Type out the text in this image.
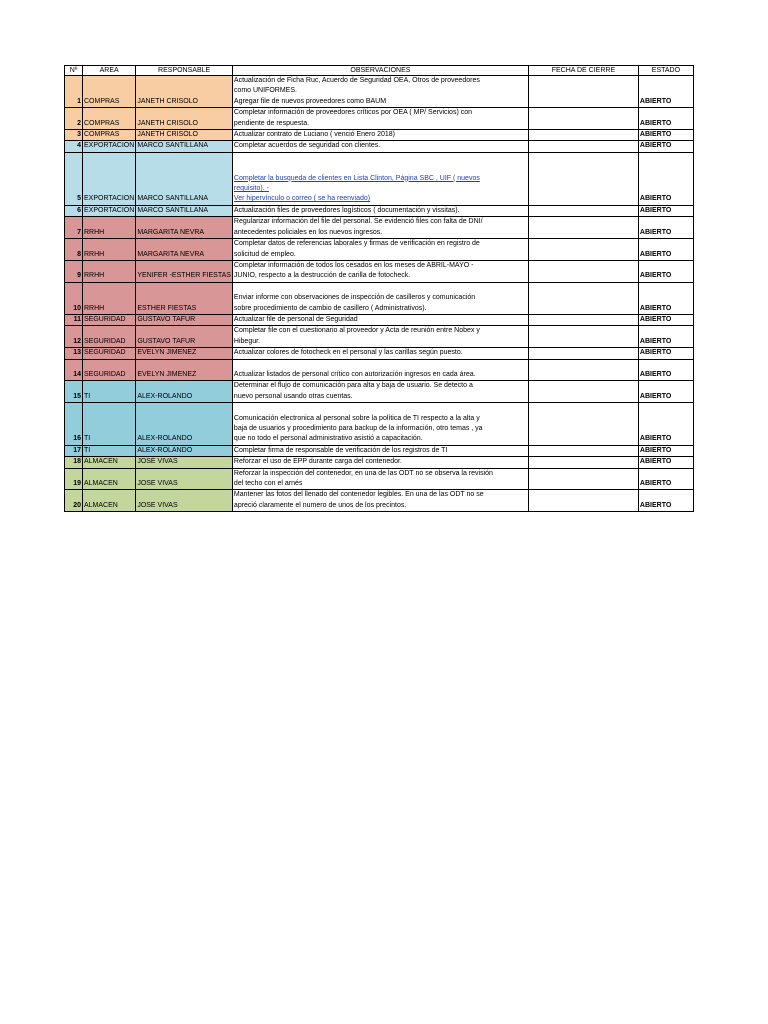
Nº	AREA	RESPONSABLE	OBSERVACIONES	FECHA DE CIERRE	ESTADO
1	COMPRAS	JANETH CRISOLO	Actualización de Ficha Ruc, Acuerdo de Seguridad OEA, Otros de proveedores
como UNIFORMES.
Agregar file de nuevos proveedores como BAUM		ABIERTO
2	COMPRAS	JANETH CRISOLO	Completar información de proveedores críticos por OEA ( MP/ Servicios) con
pendiente de respuesta.		ABIERTO
3	COMPRAS	JANETH CRISOLO	Actualizar contrato de Luciano ( venció Enero 2018)		ABIERTO
4	EXPORTACION	MARCO SANTILLANA	Completar acuerdos de seguridad con clientes.		ABIERTO
5	EXPORTACION	MARCO SANTILLANA	Completar la busqueda de clientes en Lista Clinton, Página SBC , UIF ( nuevos
requisito). -
Ver hipervínculo o correo ( se ha reenviado)		ABIERTO
6	EXPORTACION	MARCO SANTILLANA	Actualización files de proveedores logísticos ( documentación y vissitas).		ABIERTO
7	RRHH	MARGARITA NEVRA	Regularizar información del file del personal. Se evidenció files con falta de DNI/
antecedentes policiales en los nuevos ingresos.		ABIERTO
8	RRHH	MARGARITA NEVRA	Completar datos de referencias laborales y firmas de verificación en registro de
solicitud de empleo.		ABIERTO
9	RRHH	YENIFER -ESTHER FIESTAS	Completar información de todos los cesados en los meses de ABRIL-MAYO -
JUNIO, respecto a la destrucción de carilla de fotocheck.		ABIERTO
10	RRHH	ESTHER FIESTAS	Enviar informe con observaciones de inspección de casilleros y comunicación
sobre procedimiento de cambio de casillero ( Administrativos).		ABIERTO
11	SEGURIDAD	GUSTAVO TAFUR	Actualizar file de personal de Seguridad		ABIERTO
12	SEGURIDAD	GUSTAVO TAFUR	Completar file con el cuestionario al proveedor y Acta de reunión entre Nobex y
Hibegur.		ABIERTO
13	SEGURIDAD	EVELYN JIMENEZ	Actualizar colores de fotocheck en el personal y las carillas según puesto.		ABIERTO
14	SEGURIDAD	EVELYN JIMENEZ	Actualizar listados de personal crítico con autorización ingresos en cada área.		ABIERTO
15	TI	ALEX-ROLANDO	Determinar el flujo de comunicación para alta y baja de usuario. Se detecto a
nuevo personal usando otras cuentas.		ABIERTO
16	TI	ALEX-ROLANDO	Comunicación electronica al personal sobre la política de TI respecto a la alta y
baja de usuarios y procedimiento para backup de la información, otro temas , ya
que no todo el personal administrativo asistió a capacitación.		ABIERTO
17	TI	ALEX-ROLANDO	Completar firma de responsable de verificación de los registros de TI		ABIERTO
18	ALMACEN	JOSE VIVAS	Reforzar el uso de EPP durante carga del contenedor.		ABIERTO
19	ALMACEN	JOSE VIVAS	Reforzar la inspección del contenedor, en una de las ODT no se observa la revisión
del techo con el arnés		ABIERTO
20	ALMACEN	JOSE VIVAS	Mantener las fotos del llenado del contenedor legibles. En una de las ODT no se
apreció claramente el numero de unos de los precintos.		ABIERTO
